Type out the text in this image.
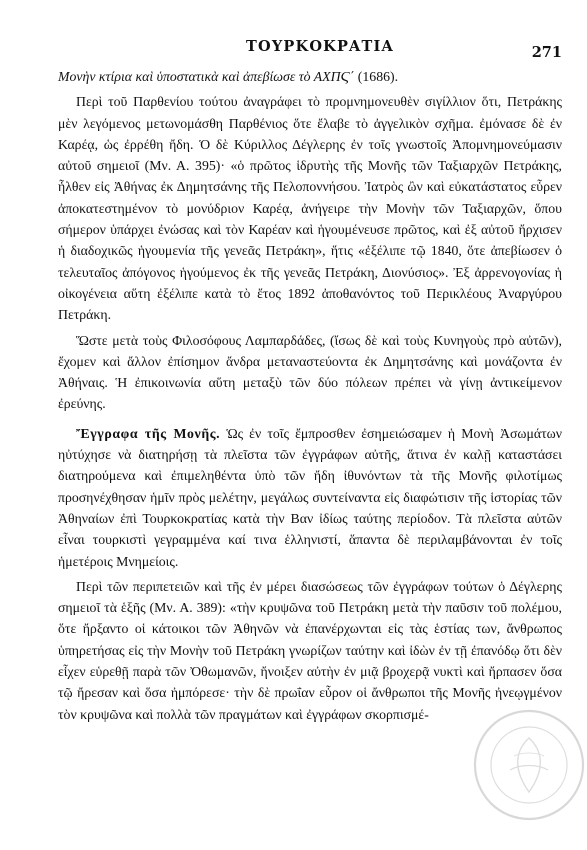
ΤΟΥΡΚΟΚΡΑΤΙΑ	271

Μονὴν κτίρια καὶ ὑποστατικὰ καὶ ἀπεβίωσε τὸ ΑΧΠϚ΄ (1686).

Περὶ τοῦ Παρθενίου τούτου ἀναγράφει τὸ προμνημονευθὲν σιγίλλιον ὅτι, Πετράκης μὲν λεγόμενος μετωνομάσθη Παρθένιος ὅτε ἔλαβε τὸ ἀγγελικὸν σχῆμα. ἐμόνασε δὲ ἐν Καρέᾳ, ὡς ἐρρέθη ἤδη. Ὁ δὲ Κύριλλος Δέγλερης ἐν τοῖς γνωστοῖς Ἀπομνημονεύμασιν αὐτοῦ σημειοῖ (Μν. Α. 395)· «ὁ πρῶτος ἱδρυτὴς τῆς Μονῆς τῶν Ταξιαρχῶν Πετράκης, ἦλθεν εἰς Ἀθήνας ἐκ Δημητσάνης τῆς Πελοποννήσου. Ἰατρὸς ὢν καὶ εὐκατάστατος εὗρεν ἀποκατεστημένον τὸ μονύδριον Καρέᾳ, ἀνήγειρε τὴν Μονὴν τῶν Ταξιαρχῶν, ὅπου σήμερον ὑπάρχει ἐνώσας καὶ τὸν Καρέαν καὶ ἡγουμένευσε πρῶτος, καὶ ἐξ αὐτοῦ ἤρχισεν ἡ διαδοχικῶς ἡγουμενία τῆς γενεᾶς Πετράκη», ἥτις «ἐξέλιπε τῷ 1840, ὅτε ἀπεβίωσεν ὁ τελευταῖος ἀπόγονος ἡγούμενος ἐκ τῆς γενεᾶς Πετράκη, Διονύσιος». Ἐξ ἀρρενογονίας ἡ οἰκογένεια αὕτη ἐξέλιπε κατὰ τὸ ἔτος 1892 ἀποθανόντος τοῦ Περικλέους Ἀναργύρου Πετράκη.

Ὥστε μετὰ τοὺς Φιλοσόφους Λαμπαρδάδες, (ἴσως δὲ καὶ τοὺς Κυνηγοὺς πρὸ αὐτῶν), ἔχομεν καὶ ἄλλον ἐπίσημον ἄνδρα μεταναστεύοντα ἐκ Δημητσάνης καὶ μονάζοντα ἐν Ἀθήναις. Ἡ ἐπικοινωνία αὕτη μεταξὺ τῶν δύο πόλεων πρέπει νὰ γίνῃ ἀντικείμενον ἐρεύνης.

Ἔγγραφα τῆς Μονῆς. Ὡς ἐν τοῖς ἔμπροσθεν ἐσημειώσαμεν ἡ Μονὴ Ἀσωμάτων ηὐτύχησε νὰ διατηρήσῃ τὰ πλεῖστα τῶν ἐγγράφων αὐτῆς, ἅτινα ἐν καλῇ καταστάσει διατηρούμενα καὶ ἐπιμεληθέντα ὑπὸ τῶν ἤδη ἰθυνόντων τὰ τῆς Μονῆς φιλοτίμως προσηνέχθησαν ἡμῖν πρὸς μελέτην, μεγάλως συντείναντα εἰς διαφώτισιν τῆς ἱστορίας τῶν Ἀθηναίων ἐπὶ Τουρκοκρατίας κατὰ τὴν Βαν ἰδίως ταύτης περίοδον. Τὰ πλεῖστα αὐτῶν εἶναι τουρκιστὶ γεγραμμένα καί τινα ἑλληνιστί, ἅπαντα δὲ περιλαμβάνονται ἐν τοῖς ἡμετέροις Μνημείοις.

Περὶ τῶν περιπετειῶν καὶ τῆς ἐν μέρει διασώσεως τῶν ἐγγράφων τούτων ὁ Δέγλερης σημειοῖ τὰ ἑξῆς (Μν. Α. 389): «τὴν κρυψῶνα τοῦ Πετράκη μετὰ τὴν παῦσιν τοῦ πολέμου, ὅτε ἤρξαντο οἱ κάτοικοι τῶν Ἀθηνῶν νὰ ἐπανέρχωνται εἰς τὰς ἑστίας των, ἄνθρωπος ὑπηρετήσας εἰς τὴν Μονὴν τοῦ Πετράκη γνωρίζων ταύτην καὶ ἰδὼν ἐν τῇ ἐπανόδῳ ὅτι δὲν εἶχεν εὑρεθῇ παρὰ τῶν Ὀθωμανῶν, ἤνοιξεν αὐτὴν ἐν μιᾷ βροχερᾷ νυκτὶ καὶ ἤρπασεν ὅσα τῷ ἤρεσαν καὶ ὅσα ἠμπόρεσε· τὴν δὲ πρωΐαν εὗρον οἱ ἄνθρωποι τῆς Μονῆς ἠνεῳγμένον τὸν κρυψῶνα καὶ πολλὰ τῶν πραγμάτων καὶ ἐγγράφων σκορπισμέ-
